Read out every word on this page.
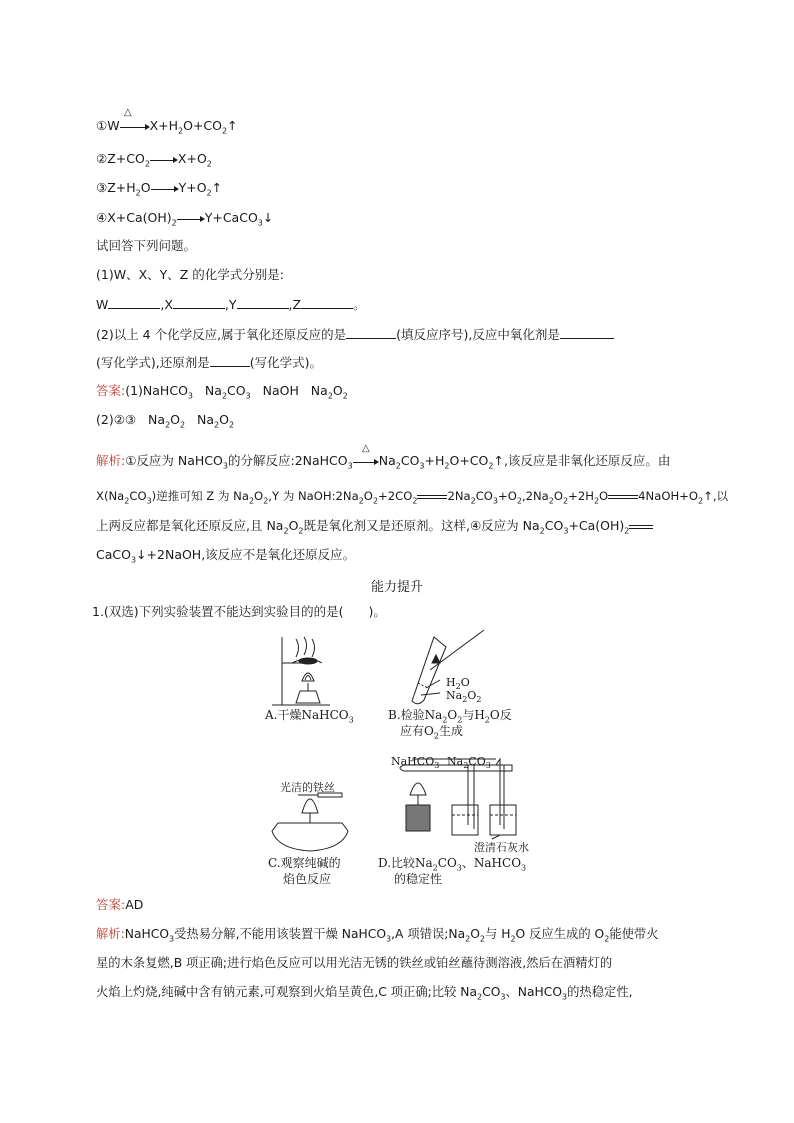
①W $X+H_2O+CO_2↑$
△
$②Z+CO_2$ $X+O_2$
$③Z+H_2O$ $Y+O_2↑$
$④X+Ca(OH)_2$ Y+CaCO$_3$↓
试回答下列问题。
(1)W、X、Y、Z 的化学式分别是:
W	,X	,Y	,Z	。
(2)以上 4 个化学反应,属于氧化还原反应的是	(填反应序号),反应中氧化剂是
(写化学式),还原剂是	(写化学式)。
答案:(1)NaHCO$_3$ $Na_2CO_3$ NaOH $Na_2O_2$
(2)②③ $Na_2O_2$ $Na_2O_2$
解析:①反应为 NaHCO$_3$的分解反应:2NaHCO$_3$ $Na_2CO_3+H_2O+CO_2↑$,该反应是非氧化还原反应。由
△
$X(Na_2CO_3)$逆推可知 Z 为 $Na_2O_2,Y$ 为 $NaOH:2Na_2O_2+2CO_2$	$2Na_2CO_3+O_2,2Na_2O_2+2H_2O$	$4NaOH+O_2↑$,以
上两反应都是氧化还原反应,且 $Na_2O_2$既是氧化剂又是还原剂。这样,④反应为 $Na_2CO_3+Ca(OH)_2$
CaCO$_3$↓+2NaOH,该反应不是氧化还原反应。
能力提升
1.(双选)下列实验装置不能达到实验目的的是(　　)。
A.干燥NaHCO$_3$
$H_2O$
$Na_2O_2$
B.检验$Na_2O_2$与$H_2O$反
应有$O_2$生成
NaHCO$_3$ $Na_2CO_3$
光洁的铁丝
澄清石灰水
C.观察纯碱的
焰色反应
D.比较$Na_2CO_3$、NaHCO$_3$
的稳定性
答案:AD
解析:NaHCO$_3$受热易分解,不能用该装置干燥 NaHCO$_3$,A 项错误$;Na_2O_2$与 $H_2O$ 反应生成的 $O_2$能使带火
星的木条复燃,B 项正确;进行焰色反应可以用光洁无锈的铁丝或铂丝蘸待测溶液,然后在酒精灯的
火焰上灼烧,纯碱中含有钠元素,可观察到火焰呈黄色,C 项正确;比较 $Na_2CO_3$、NaHCO$_3$的热稳定性,
